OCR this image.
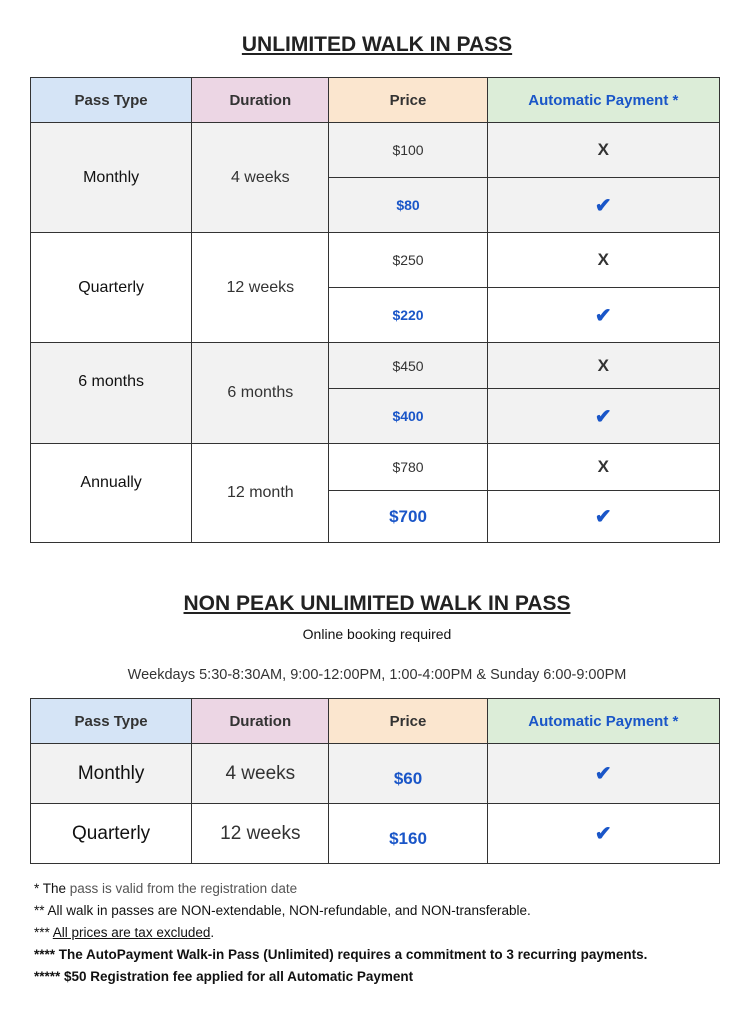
UNLIMITED WALK IN PASS
Pass Type	Duration	Price	Automatic Payment *
Monthly	4 weeks	$100	X
		$80	✔
Quarterly	12 weeks	$250	X
		$220	✔
6 months	6 months	$450	X
		$400	✔
Annually	12 month	$780	X
		$700	✔
NON PEAK UNLIMITED WALK IN PASS
Online booking required
Weekdays 5:30-8:30AM, 9:00-12:00PM, 1:00-4:00PM & Sunday 6:00-9:00PM
Pass Type	Duration	Price	Automatic Payment *
Monthly	4 weeks	$60	✔
Quarterly	12 weeks	$160	✔
* The pass is valid from the registration date
** All walk in passes are NON-extendable, NON-refundable, and NON-transferable.
*** All prices are tax excluded.
**** The AutoPayment Walk-in Pass (Unlimited) requires a commitment to 3 recurring payments.
***** $50 Registration fee applied for all Automatic Payment
